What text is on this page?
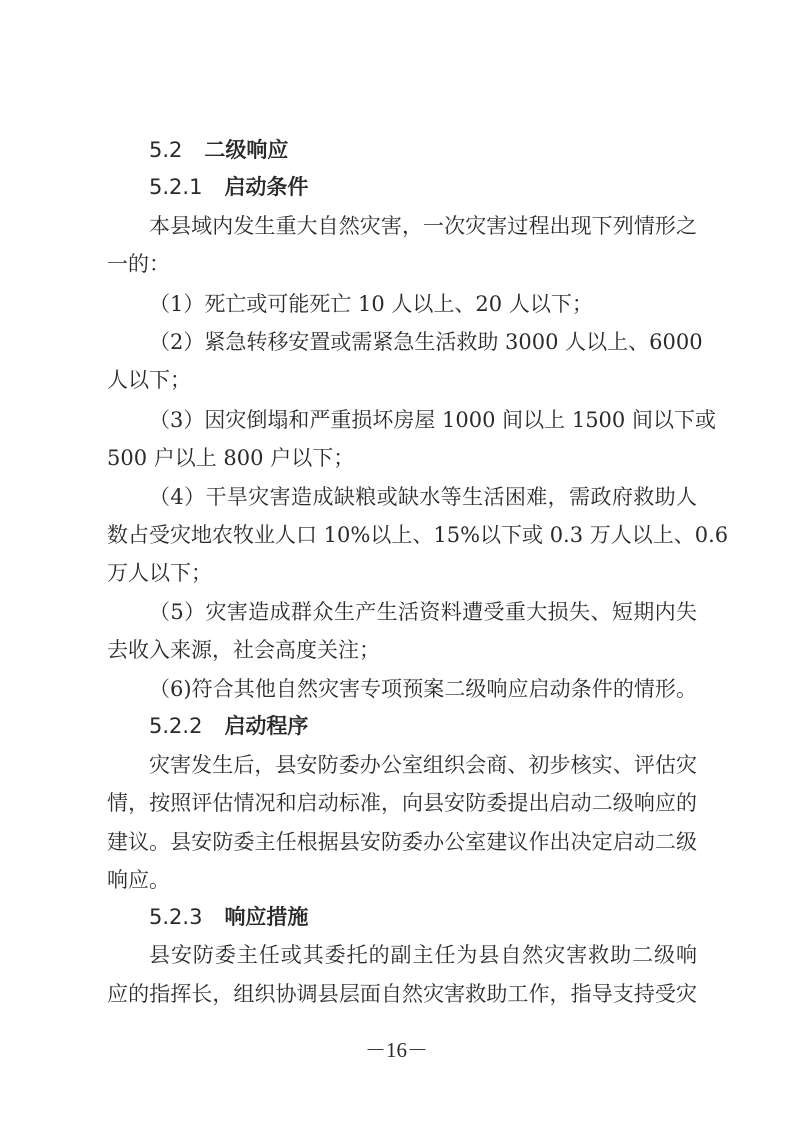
5.2 二级响应
5.2.1 启动条件
本县域内发生重大自然灾害，一次灾害过程出现下列情形之
一的：
（1）死亡或可能死亡 10 人以上、20 人以下；
（2）紧急转移安置或需紧急生活救助 3000 人以上、6000
人以下；
（3）因灾倒塌和严重损坏房屋 1000 间以上 1500 间以下或
500 户以上 800 户以下；
（4）干旱灾害造成缺粮或缺水等生活困难，需政府救助人
数占受灾地农牧业人口 10%以上、15%以下或 0.3 万人以上、0.6
万人以下；
（5）灾害造成群众生产生活资料遭受重大损失、短期内失
去收入来源，社会高度关注；
（6)符合其他自然灾害专项预案二级响应启动条件的情形。
5.2.2 启动程序
灾害发生后，县安防委办公室组织会商、初步核实、评估灾
情，按照评估情况和启动标准，向县安防委提出启动二级响应的
建议。县安防委主任根据县安防委办公室建议作出决定启动二级
响应。
5.2.3 响应措施
县安防委主任或其委托的副主任为县自然灾害救助二级响
应的指挥长，组织协调县层面自然灾害救助工作，指导支持受灾
－16－
